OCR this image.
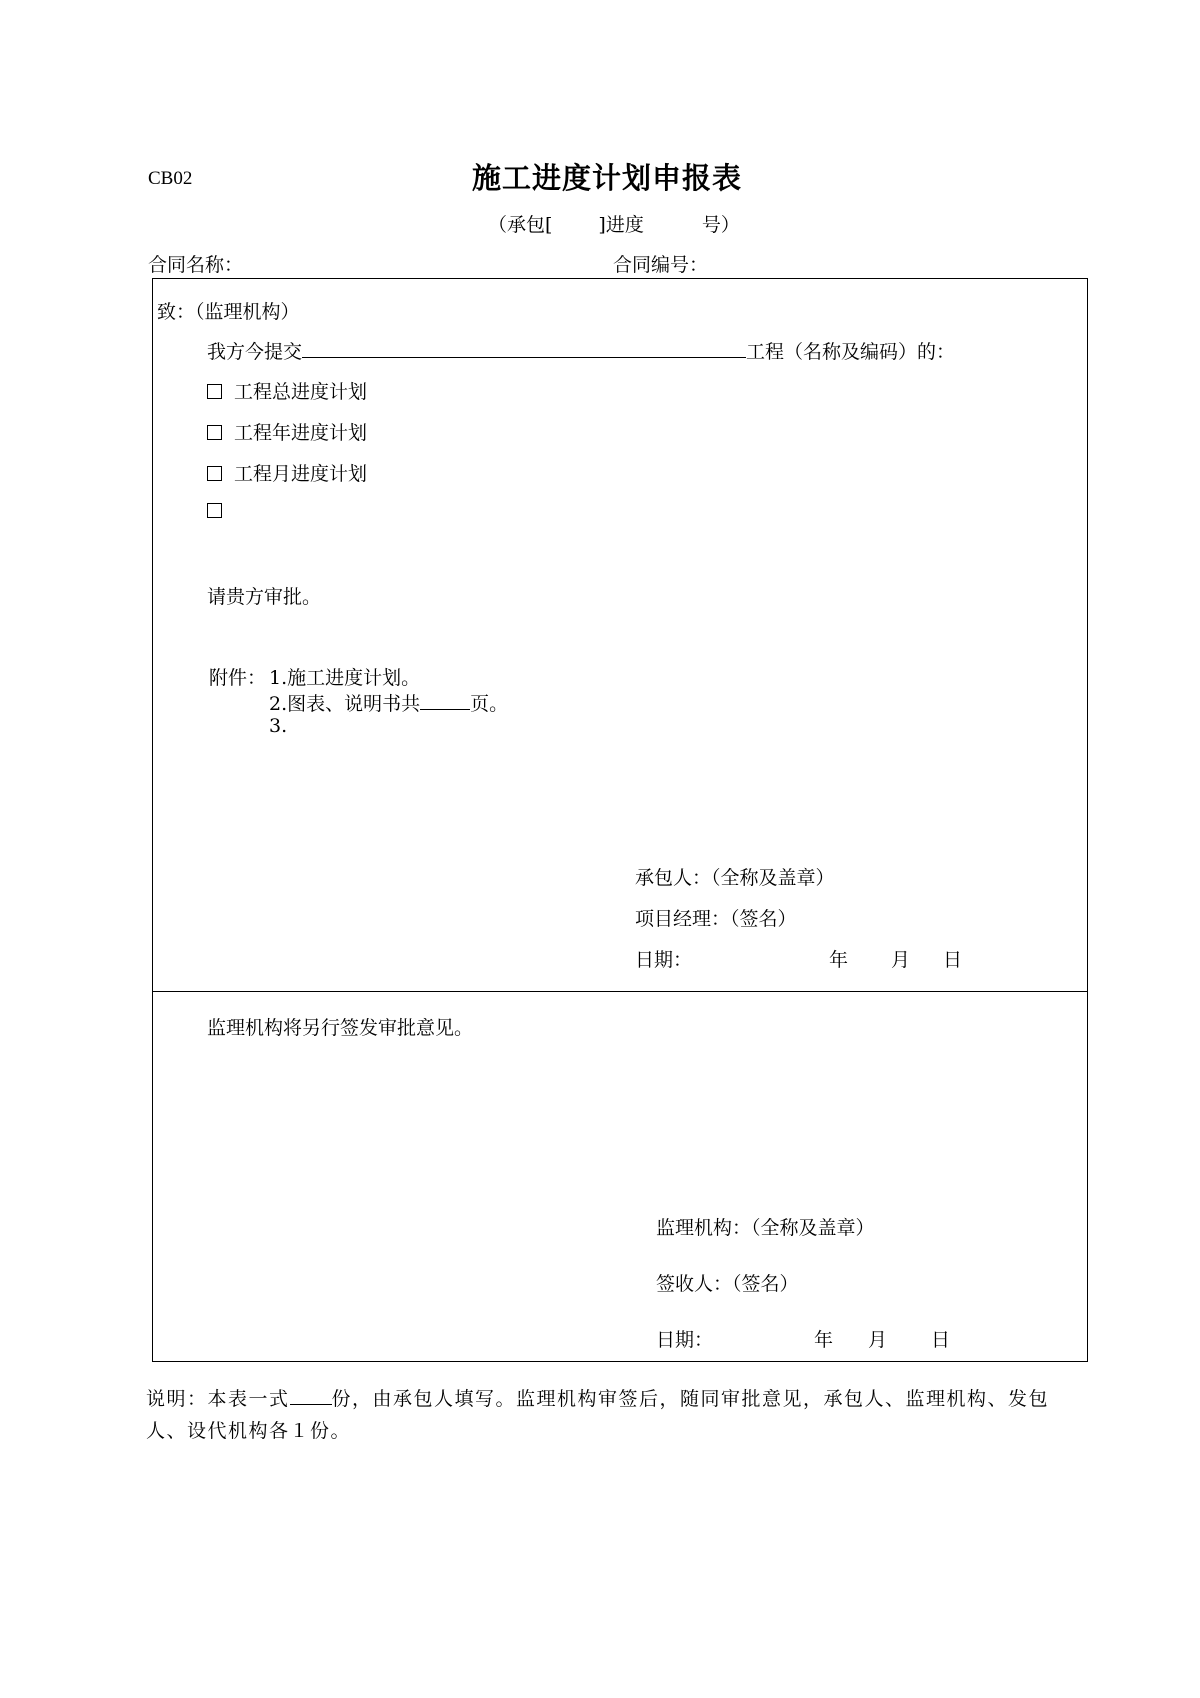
CB02	施工进度计划申报表
（承包[ ]进度	号）
合同名称：	合同编号：
致：（监理机构）
我方今提交	工程（名称及编码）的：
工程总进度计划
工程年进度计划
工程月进度计划
请贵方审批。
附件： 1.施工进度计划。
2.图表、说明书共	页。
3.
承包人：（全称及盖章）
项目经理：（签名）
日期：	年 月 日
监理机构将另行签发审批意见。
监理机构：（全称及盖章）
签收人：（签名）
日期：	年 月 日
说明：本表一式 份，由承包人填写。监理机构审签后，随同审批意见，承包人、监理机构、发包人、设代机构各１份。
